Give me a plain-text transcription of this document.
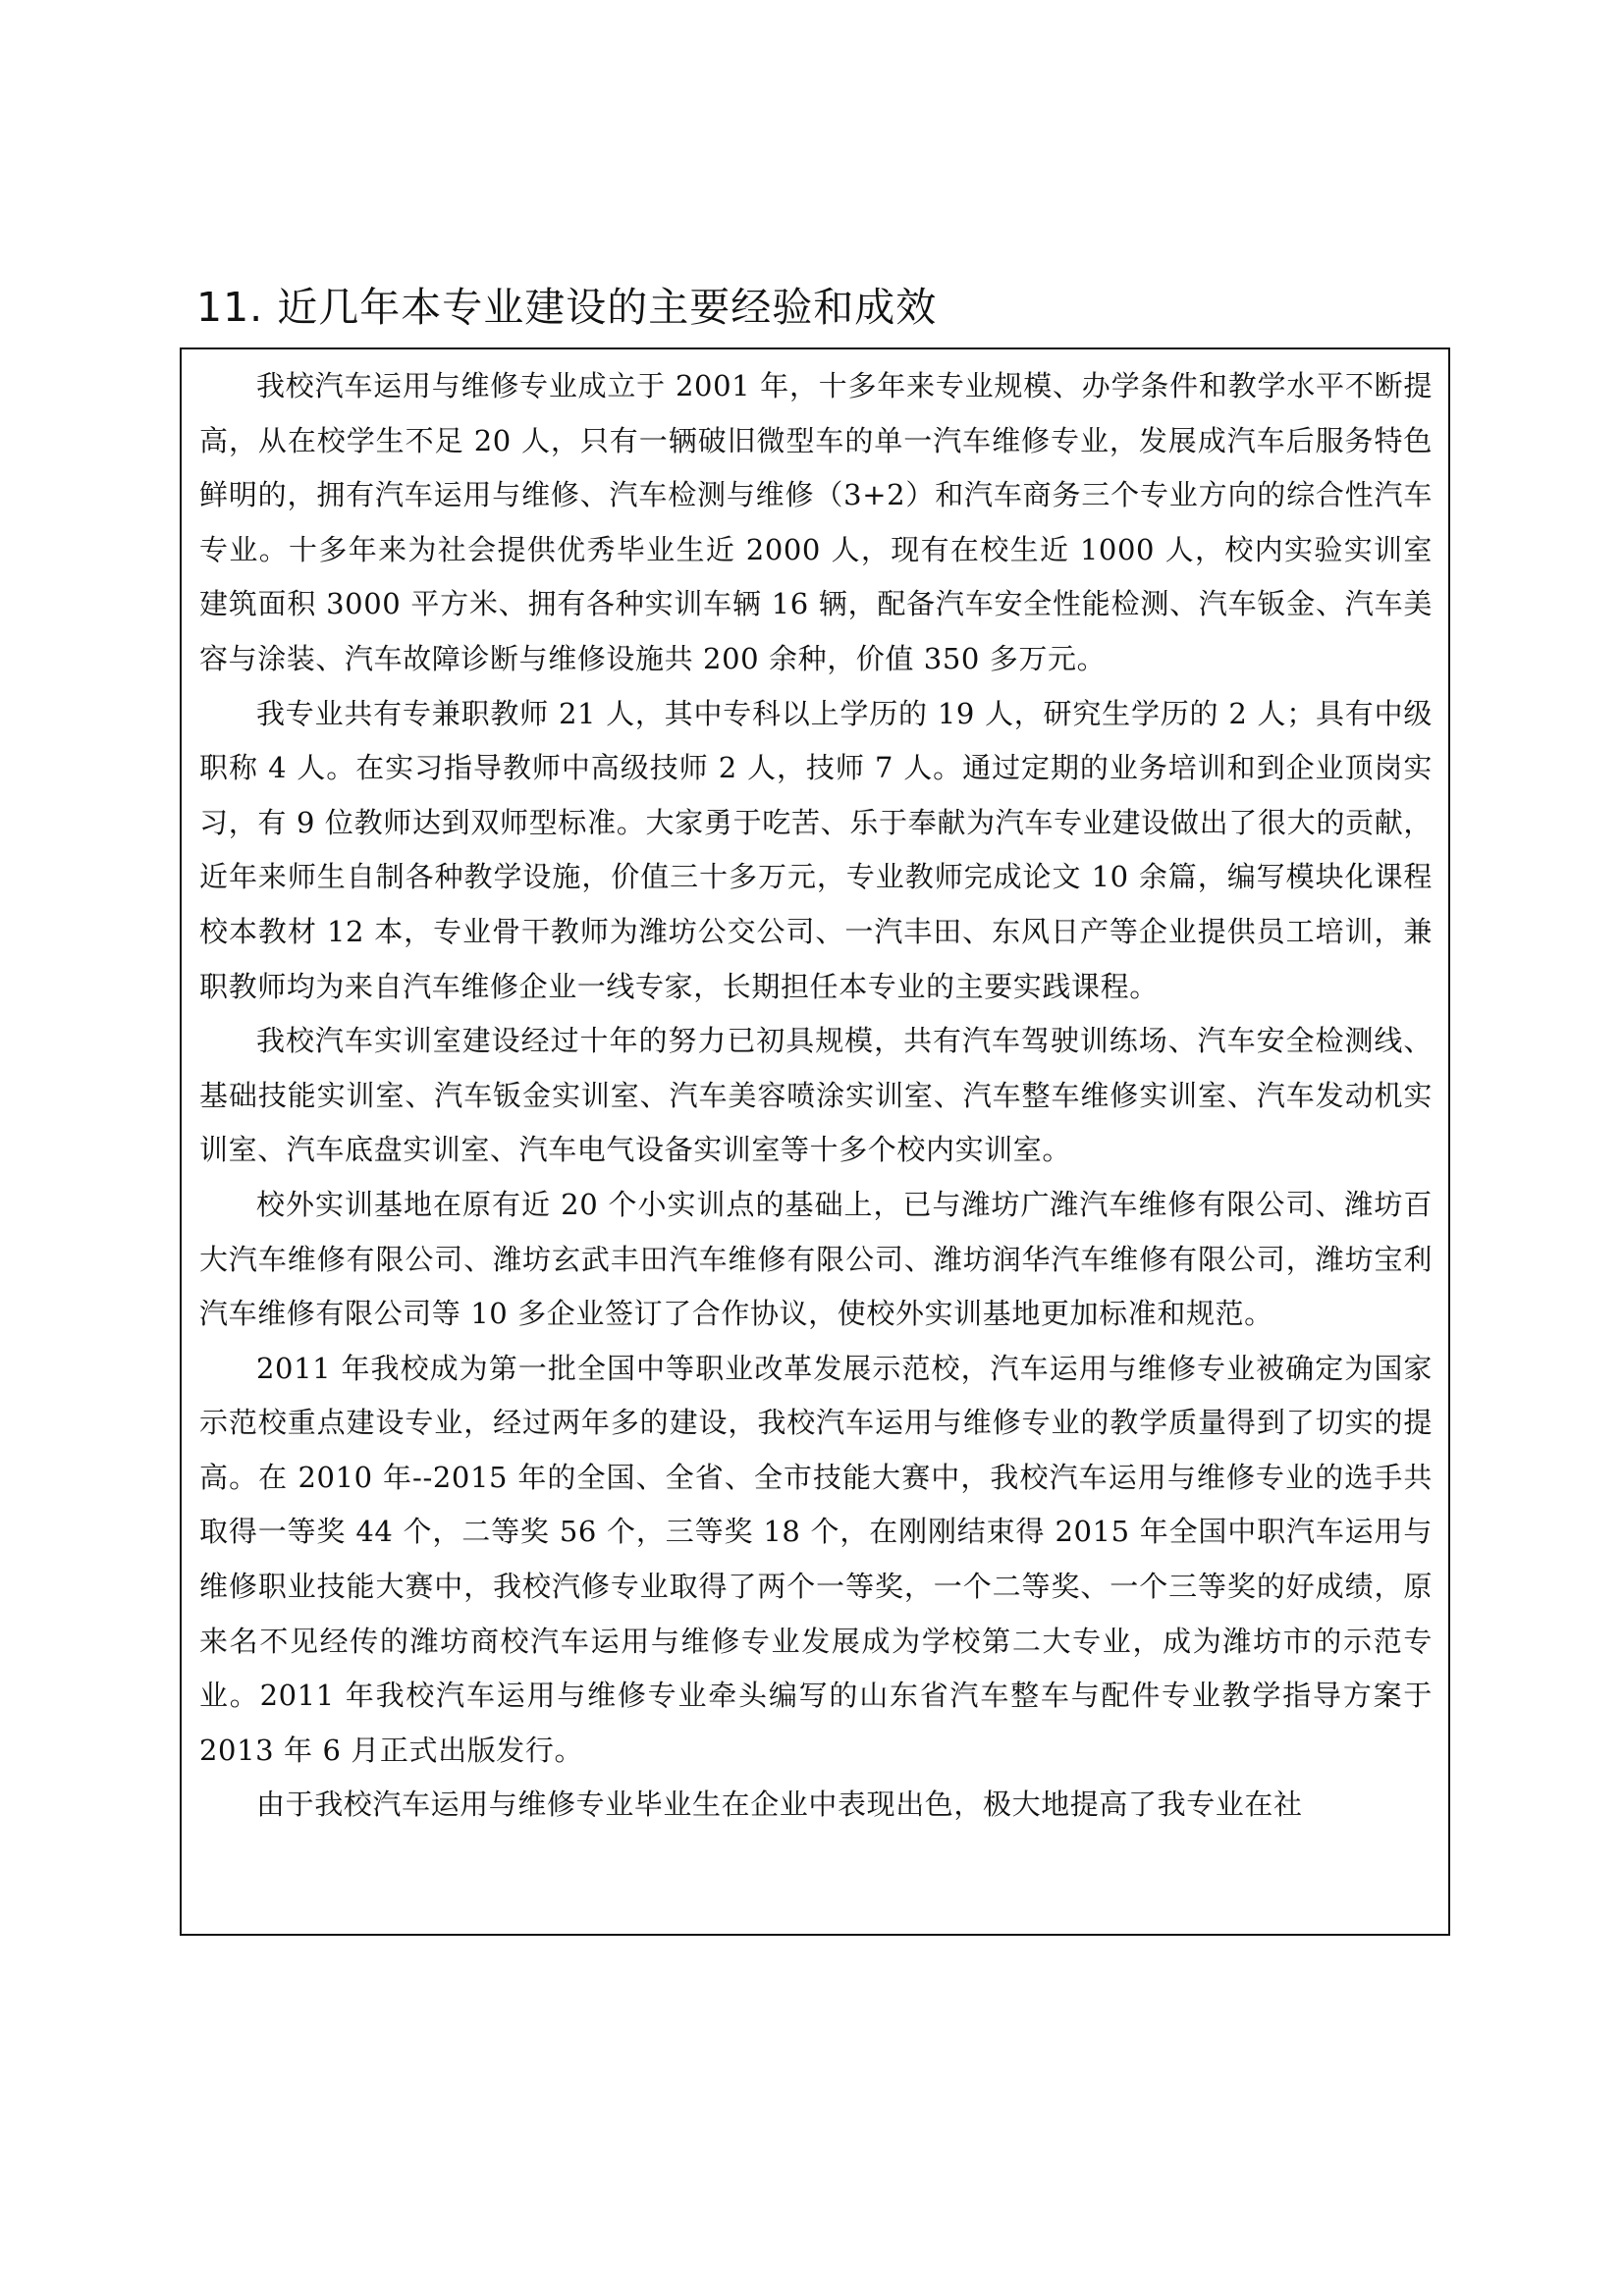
11. 近几年本专业建设的主要经验和成效

我校汽车运用与维修专业成立于 2001 年，十多年来专业规模、办学条件和教学水平不断提高，从在校学生不足 20 人，只有一辆破旧微型车的单一汽车维修专业，发展成汽车后服务特色鲜明的，拥有汽车运用与维修、汽车检测与维修（3+2）和汽车商务三个专业方向的综合性汽车专业。十多年来为社会提供优秀毕业生近 2000 人，现有在校生近 1000 人，校内实验实训室建筑面积 3000 平方米、拥有各种实训车辆 16 辆，配备汽车安全性能检测、汽车钣金、汽车美容与涂装、汽车故障诊断与维修设施共 200 余种，价值 350 多万元。

我专业共有专兼职教师 21 人，其中专科以上学历的 19 人，研究生学历的 2 人；具有中级职称 4 人。在实习指导教师中高级技师 2 人，技师 7 人。通过定期的业务培训和到企业顶岗实习，有 9 位教师达到双师型标准。大家勇于吃苦、乐于奉献为汽车专业建设做出了很大的贡献，近年来师生自制各种教学设施，价值三十多万元，专业教师完成论文 10 余篇，编写模块化课程校本教材 12 本，专业骨干教师为潍坊公交公司、一汽丰田、东风日产等企业提供员工培训，兼职教师均为来自汽车维修企业一线专家，长期担任本专业的主要实践课程。

我校汽车实训室建设经过十年的努力已初具规模，共有汽车驾驶训练场、汽车安全检测线、基础技能实训室、汽车钣金实训室、汽车美容喷涂实训室、汽车整车维修实训室、汽车发动机实训室、汽车底盘实训室、汽车电气设备实训室等十多个校内实训室。

校外实训基地在原有近 20 个小实训点的基础上，已与潍坊广潍汽车维修有限公司、潍坊百大汽车维修有限公司、潍坊玄武丰田汽车维修有限公司、潍坊润华汽车维修有限公司，潍坊宝利汽车维修有限公司等 10 多企业签订了合作协议，使校外实训基地更加标准和规范。

2011 年我校成为第一批全国中等职业改革发展示范校，汽车运用与维修专业被确定为国家示范校重点建设专业，经过两年多的建设，我校汽车运用与维修专业的教学质量得到了切实的提高。在 2010 年--2015 年的全国、全省、全市技能大赛中，我校汽车运用与维修专业的选手共取得一等奖 44 个，二等奖 56 个，三等奖 18 个，在刚刚结束得 2015 年全国中职汽车运用与维修职业技能大赛中，我校汽修专业取得了两个一等奖，一个二等奖、一个三等奖的好成绩，原来名不见经传的潍坊商校汽车运用与维修专业发展成为学校第二大专业，成为潍坊市的示范专业。2011 年我校汽车运用与维修专业牵头编写的山东省汽车整车与配件专业教学指导方案于 2013 年 6 月正式出版发行。

由于我校汽车运用与维修专业毕业生在企业中表现出色，极大地提高了我专业在社
